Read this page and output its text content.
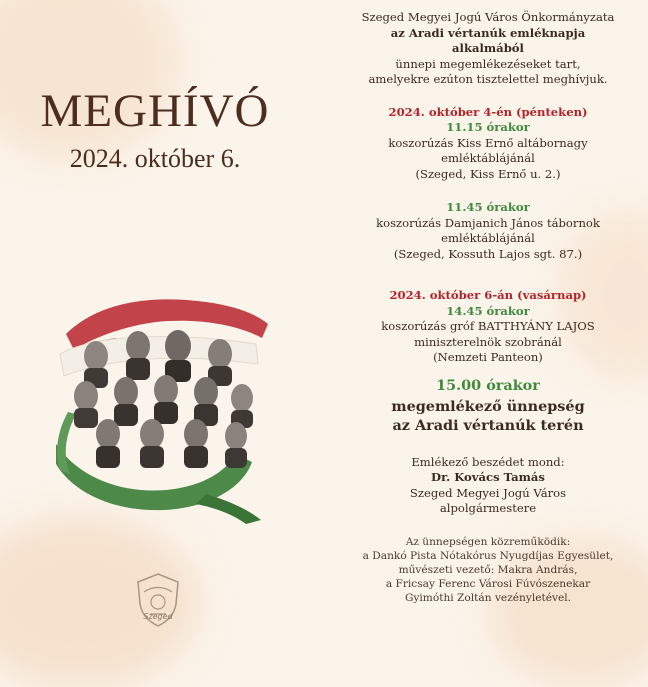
MEGHÍVÓ
2024. október 6.
Szeged

Szeged Megyei Jogú Város Önkormányzata

az Aradi vértanúk emléknapja

alkalmából

ünnepi megemlékezéseket tart,

amelyekre ezúton tisztelettel meghívjuk.

2024. október 4-én (pénteken)

11.15 órakor

koszorúzás Kiss Ernő altábornagy

emléktáblájánál

(Szeged, Kiss Ernő u. 2.)

11.45 órakor

koszorúzás Damjanich János tábornok

emléktáblájánál

(Szeged, Kossuth Lajos sgt. 87.)

2024. október 6-án (vasárnap)

14.45 órakor

koszorúzás gróf BATTHYÁNY LAJOS

miniszterelnök szobránál

(Nemzeti Panteon)

15.00 órakor

megemlékező ünnepség

az Aradi vértanúk terén

Emlékező beszédet mond:

Dr. Kovács Tamás

Szeged Megyei Jogú Város

alpolgármestere

Az ünnepségen közreműködik:

a Dankó Pista Nótakórus Nyugdíjas Egyesület,

művészeti vezető: Makra András,

a Fricsay Ferenc Városi Fúvószenekar

Gyimóthi Zoltán vezényletével.
